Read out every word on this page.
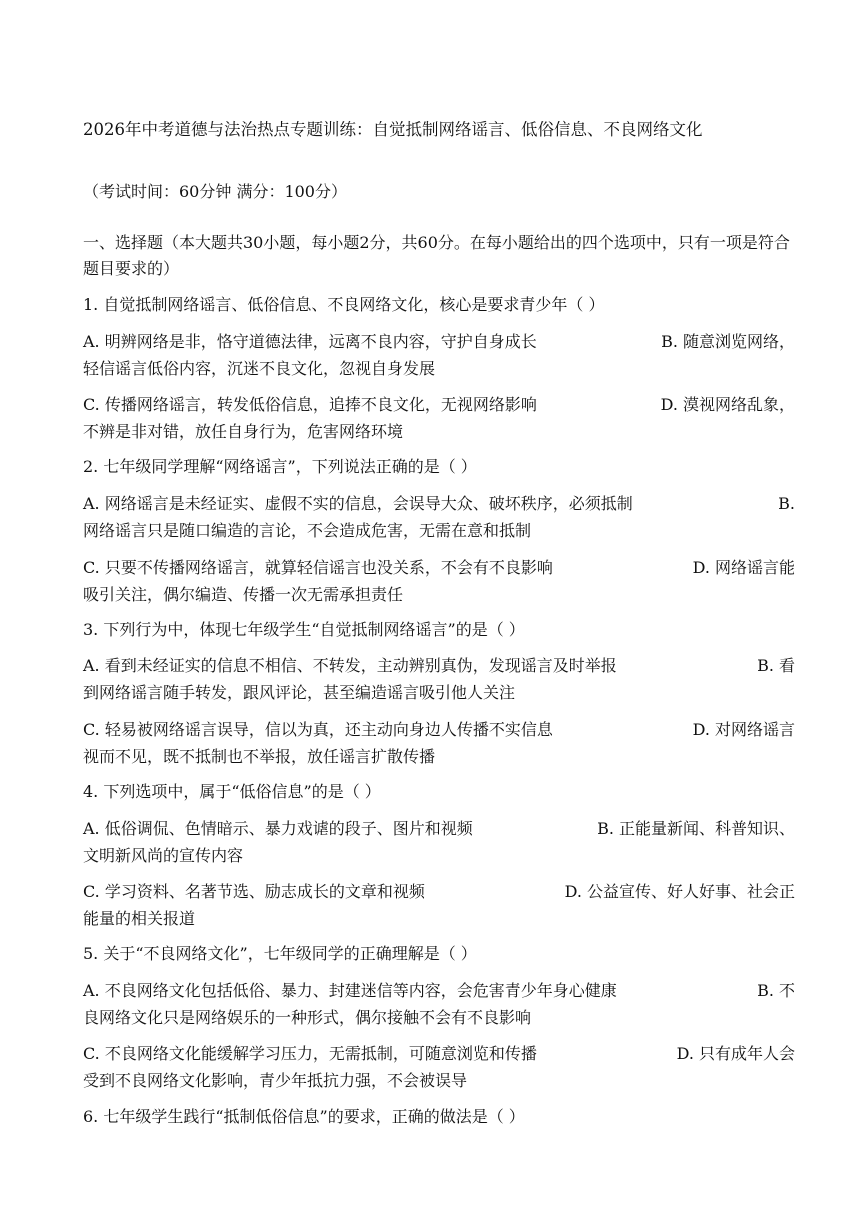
2026年中考道德与法治热点专题训练：自觉抵制网络谣言、低俗信息、不良网络文化
（考试时间：60分钟 满分：100分）
一、选择题（本大题共30小题，每小题2分，共60分。在每小题给出的四个选项中，只有一项是符合题目要求的）
1. 自觉抵制网络谣言、低俗信息、不良网络文化，核心是要求青少年（ ）
A. 明辨网络是非，恪守道德法律，远离不良内容，守护自身成长	B. 随意浏览网络，
轻信谣言低俗内容，沉迷不良文化，忽视自身发展
C. 传播网络谣言，转发低俗信息，追捧不良文化，无视网络影响	D. 漠视网络乱象，
不辨是非对错，放任自身行为，危害网络环境
2. 七年级同学理解“网络谣言”，下列说法正确的是（ ）
A. 网络谣言是未经证实、虚假不实的信息，会误导大众、破坏秩序，必须抵制	B.
网络谣言只是随口编造的言论，不会造成危害，无需在意和抵制
C. 只要不传播网络谣言，就算轻信谣言也没关系，不会有不良影响	D. 网络谣言能
吸引关注，偶尔编造、传播一次无需承担责任
3. 下列行为中，体现七年级学生“自觉抵制网络谣言”的是（ ）
A. 看到未经证实的信息不相信、不转发，主动辨别真伪，发现谣言及时举报	B. 看
到网络谣言随手转发，跟风评论，甚至编造谣言吸引他人关注
C. 轻易被网络谣言误导，信以为真，还主动向身边人传播不实信息	D. 对网络谣言
视而不见，既不抵制也不举报，放任谣言扩散传播
4. 下列选项中，属于“低俗信息”的是（ ）
A. 低俗调侃、色情暗示、暴力戏谑的段子、图片和视频	B. 正能量新闻、科普知识、
文明新风尚的宣传内容
C. 学习资料、名著节选、励志成长的文章和视频	D. 公益宣传、好人好事、社会正
能量的相关报道
5. 关于“不良网络文化”，七年级同学的正确理解是（ ）
A. 不良网络文化包括低俗、暴力、封建迷信等内容，会危害青少年身心健康	B. 不
良网络文化只是网络娱乐的一种形式，偶尔接触不会有不良影响
C. 不良网络文化能缓解学习压力，无需抵制，可随意浏览和传播	D. 只有成年人会
受到不良网络文化影响，青少年抵抗力强，不会被误导
6. 七年级学生践行“抵制低俗信息”的要求，正确的做法是（ ）
